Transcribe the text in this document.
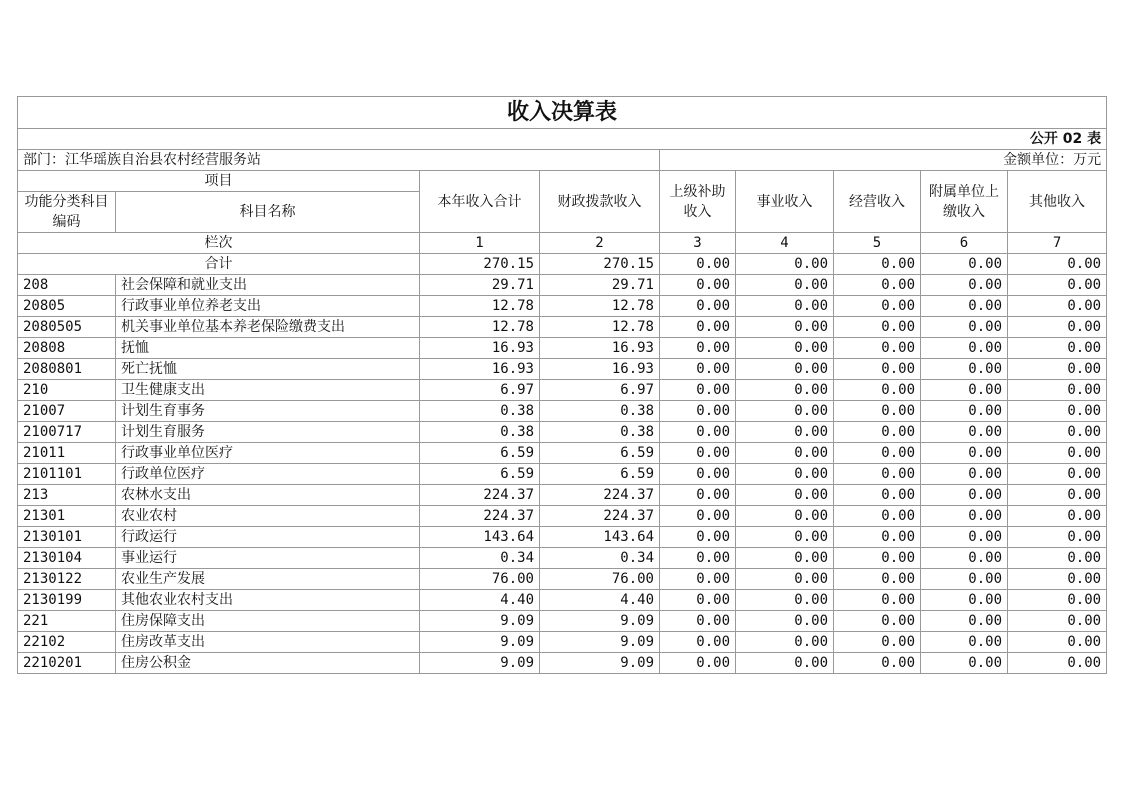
收入决算表								
公开 02 表								
部门：江华瑶族自治县农村经营服务站				金额单位：万元				
项目		本年收入合计	财政拨款收入	上级补助收入	事业收入	经营收入	附属单位上缴收入	其他收入
功能分类科目编码	科目名称							
栏次		1	2	3	4	5	6	7
合计		270.15	270.15	0.00	0.00	0.00	0.00	0.00
208	社会保障和就业支出	29.71	29.71	0.00	0.00	0.00	0.00	0.00
20805	行政事业单位养老支出	12.78	12.78	0.00	0.00	0.00	0.00	0.00
2080505	机关事业单位基本养老保险缴费支出	12.78	12.78	0.00	0.00	0.00	0.00	0.00
20808	抚恤	16.93	16.93	0.00	0.00	0.00	0.00	0.00
2080801	死亡抚恤	16.93	16.93	0.00	0.00	0.00	0.00	0.00
210	卫生健康支出	6.97	6.97	0.00	0.00	0.00	0.00	0.00
21007	计划生育事务	0.38	0.38	0.00	0.00	0.00	0.00	0.00
2100717	计划生育服务	0.38	0.38	0.00	0.00	0.00	0.00	0.00
21011	行政事业单位医疗	6.59	6.59	0.00	0.00	0.00	0.00	0.00
2101101	行政单位医疗	6.59	6.59	0.00	0.00	0.00	0.00	0.00
213	农林水支出	224.37	224.37	0.00	0.00	0.00	0.00	0.00
21301	农业农村	224.37	224.37	0.00	0.00	0.00	0.00	0.00
2130101	行政运行	143.64	143.64	0.00	0.00	0.00	0.00	0.00
2130104	事业运行	0.34	0.34	0.00	0.00	0.00	0.00	0.00
2130122	农业生产发展	76.00	76.00	0.00	0.00	0.00	0.00	0.00
2130199	其他农业农村支出	4.40	4.40	0.00	0.00	0.00	0.00	0.00
221	住房保障支出	9.09	9.09	0.00	0.00	0.00	0.00	0.00
22102	住房改革支出	9.09	9.09	0.00	0.00	0.00	0.00	0.00
2210201	住房公积金	9.09	9.09	0.00	0.00	0.00	0.00	0.00
